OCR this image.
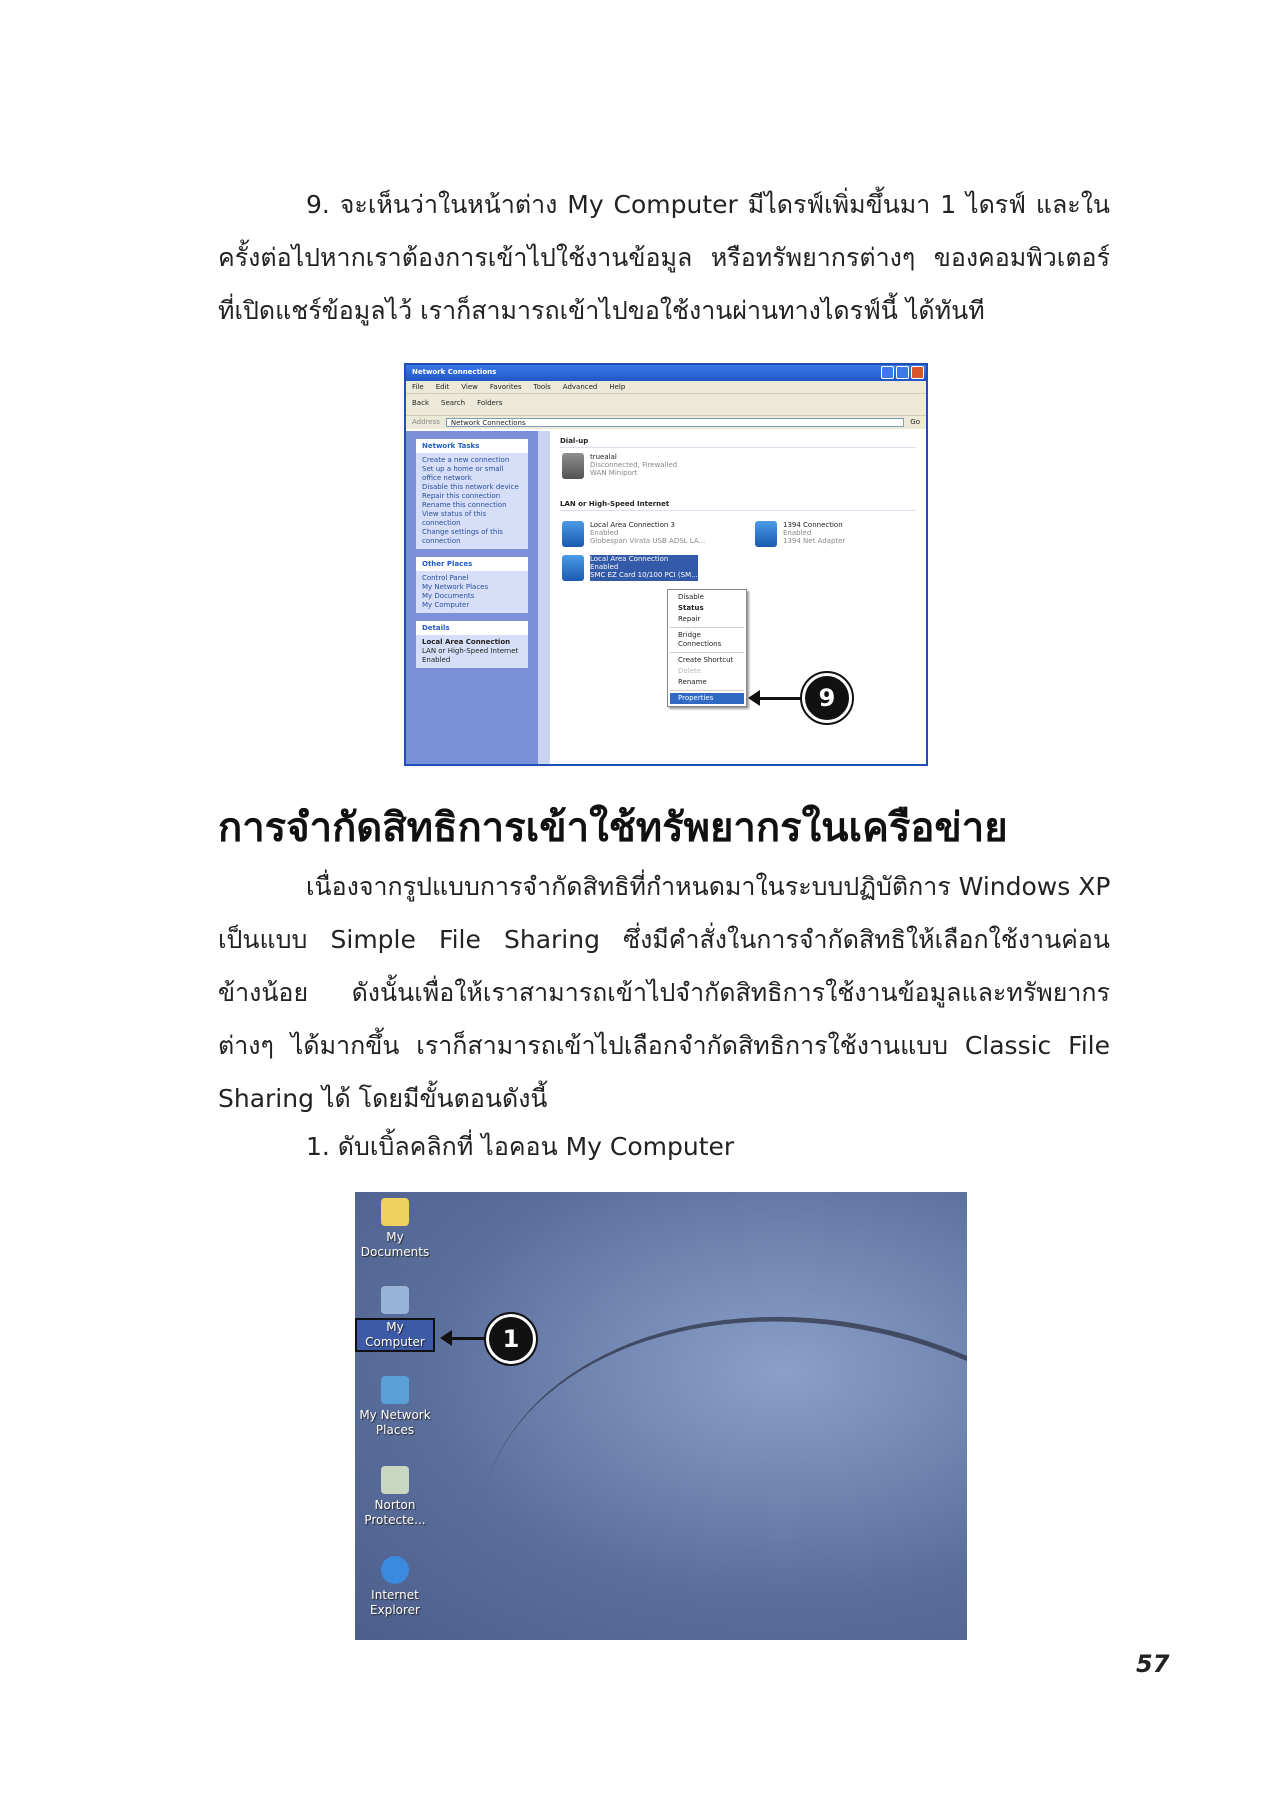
9. จะเห็นว่าในหน้าต่าง My Computer มีไดรฟ์เพิ่มขึ้นมา 1 ไดรฟ์ และใน
ครั้งต่อไปหากเราต้องการเข้าไปใช้งานข้อมูล หรือทรัพยากรต่างๆ ของคอมพิวเตอร์
ที่เปิดแชร์ข้อมูลไว้ เราก็สามารถเข้าไปขอใช้งานผ่านทางไดรฟ์นี้ ได้ทันที
Network Connections
File Edit View Favorites Tools Advanced Help
Back Search Folders
Address	Network Connections	Go
Network Tasks
Create a new connection
Set up a home or small office network
Disable this network device
Repair this connection
Rename this connection
View status of this connection
Change settings of this connection
Other Places
Control Panel
My Network Places
My Documents
My Computer
Details
Local Area Connection
LAN or High-Speed Internet
Enabled
Dial-up
truealal
Disconnected, Firewalled
WAN Miniport
LAN or High-Speed Internet
Local Area Connection 3
Enabled
Globespan Virata USB ADSL LA...
1394 Connection
Enabled
1394 Net Adapter
Local Area Connection
Enabled
SMC EZ Card 10/100 PCI (SM...
Disable
Status
Repair
Bridge Connections
Create Shortcut
Delete
Rename
Properties	9
การจำกัดสิทธิการเข้าใช้ทรัพยากรในเครือข่าย
เนื่องจากรูปแบบการจำกัดสิทธิที่กำหนดมาในระบบปฏิบัติการ Windows XP
เป็นแบบ Simple File Sharing ซึ่งมีคำสั่งในการจำกัดสิทธิให้เลือกใช้งานค่อน
ข้างน้อย ดังนั้นเพื่อให้เราสามารถเข้าไปจำกัดสิทธิการใช้งานข้อมูลและทรัพยากร
ต่างๆ ได้มากขึ้น เราก็สามารถเข้าไปเลือกจำกัดสิทธิการใช้งานแบบ Classic File
Sharing ได้ โดยมีขั้นตอนดังนี้
1. ดับเบิ้ลคลิกที่ ไอคอน My Computer
My Documents
My Computer
My Network Places
Norton Protecte...
Internet Explorer
1
57
